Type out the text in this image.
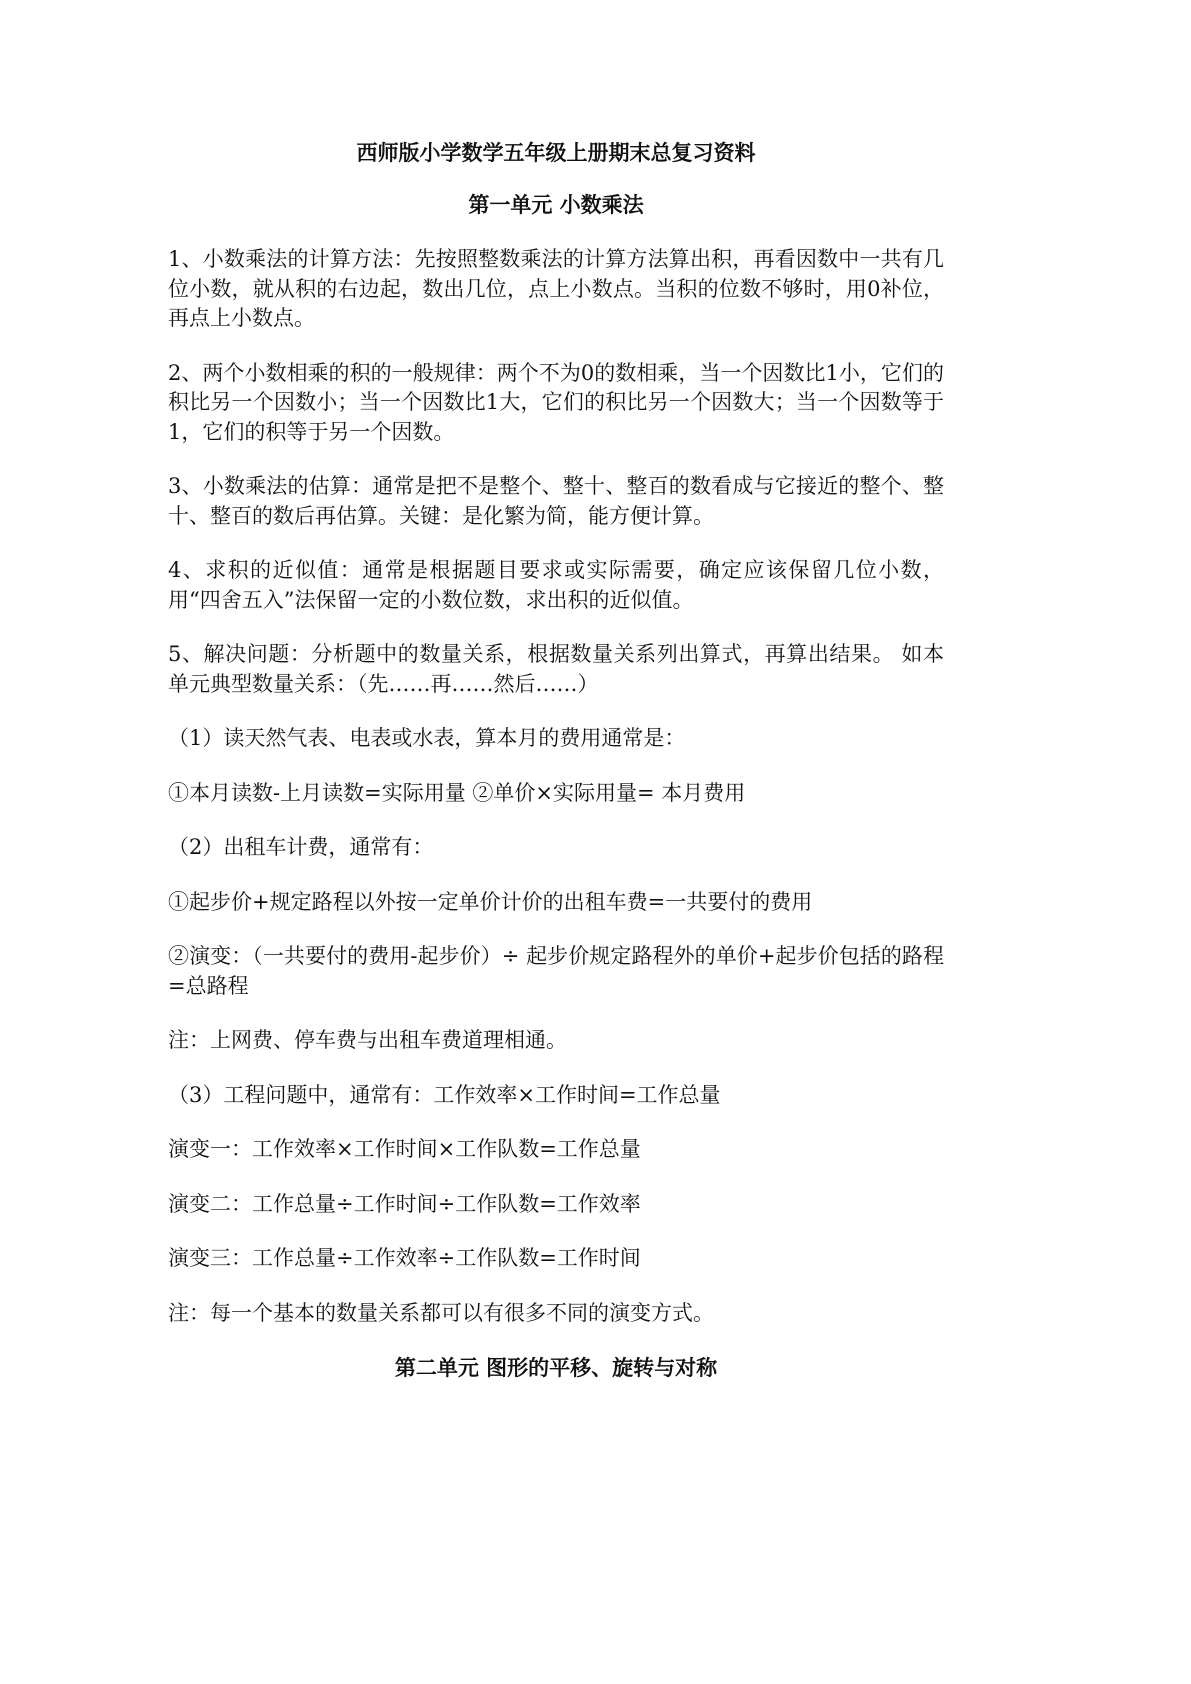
西师版小学数学五年级上册期末总复习资料
第一单元 小数乘法

1、小数乘法的计算方法：先按照整数乘法的计算方法算出积，再看因数中一共有几位小数，就从积的右边起，数出几位，点上小数点。当积的位数不够时，用0补位，再点上小数点。

2、两个小数相乘的积的一般规律：两个不为0的数相乘，当一个因数比1小，它们的积比另一个因数小；当一个因数比1大，它们的积比另一个因数大；当一个因数等于1，它们的积等于另一个因数。

3、小数乘法的估算：通常是把不是整个、整十、整百的数看成与它接近的整个、整十、整百的数后再估算。关键：是化繁为简，能方便计算。

4、求积的近似值：通常是根据题目要求或实际需要，确定应该保留几位小数，用“四舍五入”法保留一定的小数位数，求出积的近似值。

5、解决问题：分析题中的数量关系，根据数量关系列出算式，再算出结果。 如本单元典型数量关系：（先……再……然后……）

（1）读天然气表、电表或水表，算本月的费用通常是：

①本月读数-上月读数=实际用量 ②单价×实际用量= 本月费用

（2）出租车计费，通常有：

①起步价+规定路程以外按一定单价计价的出租车费=一共要付的费用

②演变：（一共要付的费用-起步价）÷ 起步价规定路程外的单价+起步价包括的路程=总路程

注：上网费、停车费与出租车费道理相通。

（3）工程问题中，通常有：工作效率×工作时间=工作总量

演变一：工作效率×工作时间×工作队数=工作总量

演变二：工作总量÷工作时间÷工作队数=工作效率

演变三：工作总量÷工作效率÷工作队数=工作时间

注：每一个基本的数量关系都可以有很多不同的演变方式。

第二单元 图形的平移、旋转与对称
